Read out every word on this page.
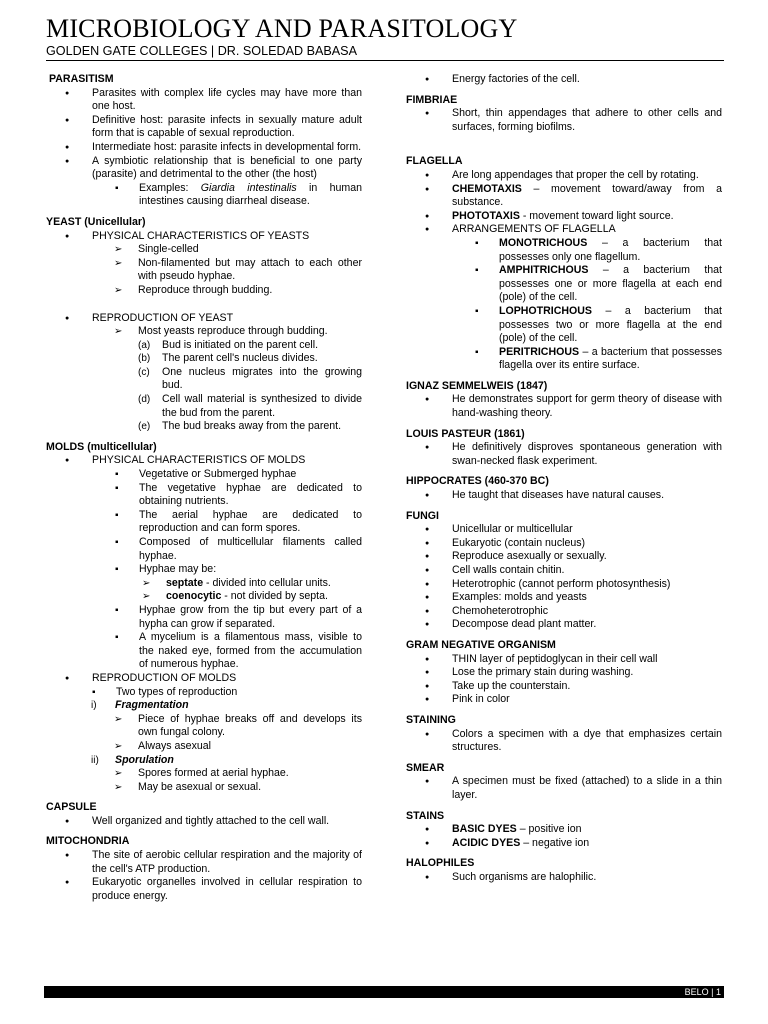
MICROBIOLOGY AND PARASITOLOGY
GOLDEN GATE COLLEGES | DR. SOLEDAD BABASA
PARASITISM
●	Parasites with complex life cycles may have more than one host.
●	Definitive host: parasite infects in sexually mature adult form that is capable of sexual reproduction.
●	Intermediate host: parasite infects in developmental form.
●	A symbiotic relationship that is beneficial to one party (parasite) and detrimental to the other (the host)
▪	Examples: Giardia intestinalis in human intestines causing diarrheal disease.
YEAST (Unicellular)
●	PHYSICAL CHARACTERISTICS OF YEASTS
➢	Single-celled
➢	Non-filamented but may attach to each other with pseudo hyphae.
➢	Reproduce through budding.
●	REPRODUCTION OF YEAST
➢	Most yeasts reproduce through budding.
(a)	Bud is initiated on the parent cell.
(b)	The parent cell's nucleus divides.
(c)	One nucleus migrates into the growing bud.
(d)	Cell wall material is synthesized to divide the bud from the parent.
(e)	The bud breaks away from the parent.
MOLDS (multicellular)
●	PHYSICAL CHARACTERISTICS OF MOLDS
▪	Vegetative or Submerged hyphae
▪	The vegetative hyphae are dedicated to obtaining nutrients.
▪	The aerial hyphae are dedicated to reproduction and can form spores.
▪	Composed of multicellular filaments called hyphae.
▪	Hyphae may be:
➢	septate - divided into cellular units.
➢	coenocytic - not divided by septa.
▪	Hyphae grow from the tip but every part of a hypha can grow if separated.
▪	A mycelium is a filamentous mass, visible to the naked eye, formed from the accumulation of numerous hyphae.
●	REPRODUCTION OF MOLDS
▪	Two types of reproduction
i)	Fragmentation
➢	Piece of hyphae breaks off and develops its own fungal colony.
➢	Always asexual
ii)	Sporulation
➢	Spores formed at aerial hyphae.
➢	May be asexual or sexual.
CAPSULE
●	Well organized and tightly attached to the cell wall.
MITOCHONDRIA
●	The site of aerobic cellular respiration and the majority of the cell's ATP production.
●	Eukaryotic organelles involved in cellular respiration to produce energy.
●	Energy factories of the cell.
FIMBRIAE
●	Short, thin appendages that adhere to other cells and surfaces, forming biofilms.
FLAGELLA
●	Are long appendages that proper the cell by rotating.
●	CHEMOTAXIS – movement toward/away from a substance.
●	PHOTOTAXIS - movement toward light source.
●	ARRANGEMENTS OF FLAGELLA
▪	MONOTRICHOUS – a bacterium that possesses only one flagellum.
▪	AMPHITRICHOUS – a bacterium that possesses one or more flagella at each end (pole) of the cell.
▪	LOPHOTRICHOUS – a bacterium that possesses two or more flagella at the end (pole) of the cell.
▪	PERITRICHOUS – a bacterium that possesses flagella over its entire surface.
IGNAZ SEMMELWEIS (1847)
●	He demonstrates support for germ theory of disease with hand-washing theory.
LOUIS PASTEUR (1861)
●	He definitively disproves spontaneous generation with swan-necked flask experiment.
HIPPOCRATES (460-370 BC)
●	He taught that diseases have natural causes.
FUNGI
●	Unicellular or multicellular
●	Eukaryotic (contain nucleus)
●	Reproduce asexually or sexually.
●	Cell walls contain chitin.
●	Heterotrophic (cannot perform photosynthesis)
●	Examples: molds and yeasts
●	Chemoheterotrophic
●	Decompose dead plant matter.
GRAM NEGATIVE ORGANISM
●	THIN layer of peptidoglycan in their cell wall
●	Lose the primary stain during washing.
●	Take up the counterstain.
●	Pink in color
STAINING
●	Colors a specimen with a dye that emphasizes certain structures.
SMEAR
●	A specimen must be fixed (attached) to a slide in a thin layer.
STAINS
●	BASIC DYES – positive ion
●	ACIDIC DYES – negative ion
HALOPHILES
●	Such organisms are halophilic.
BELO | 1
